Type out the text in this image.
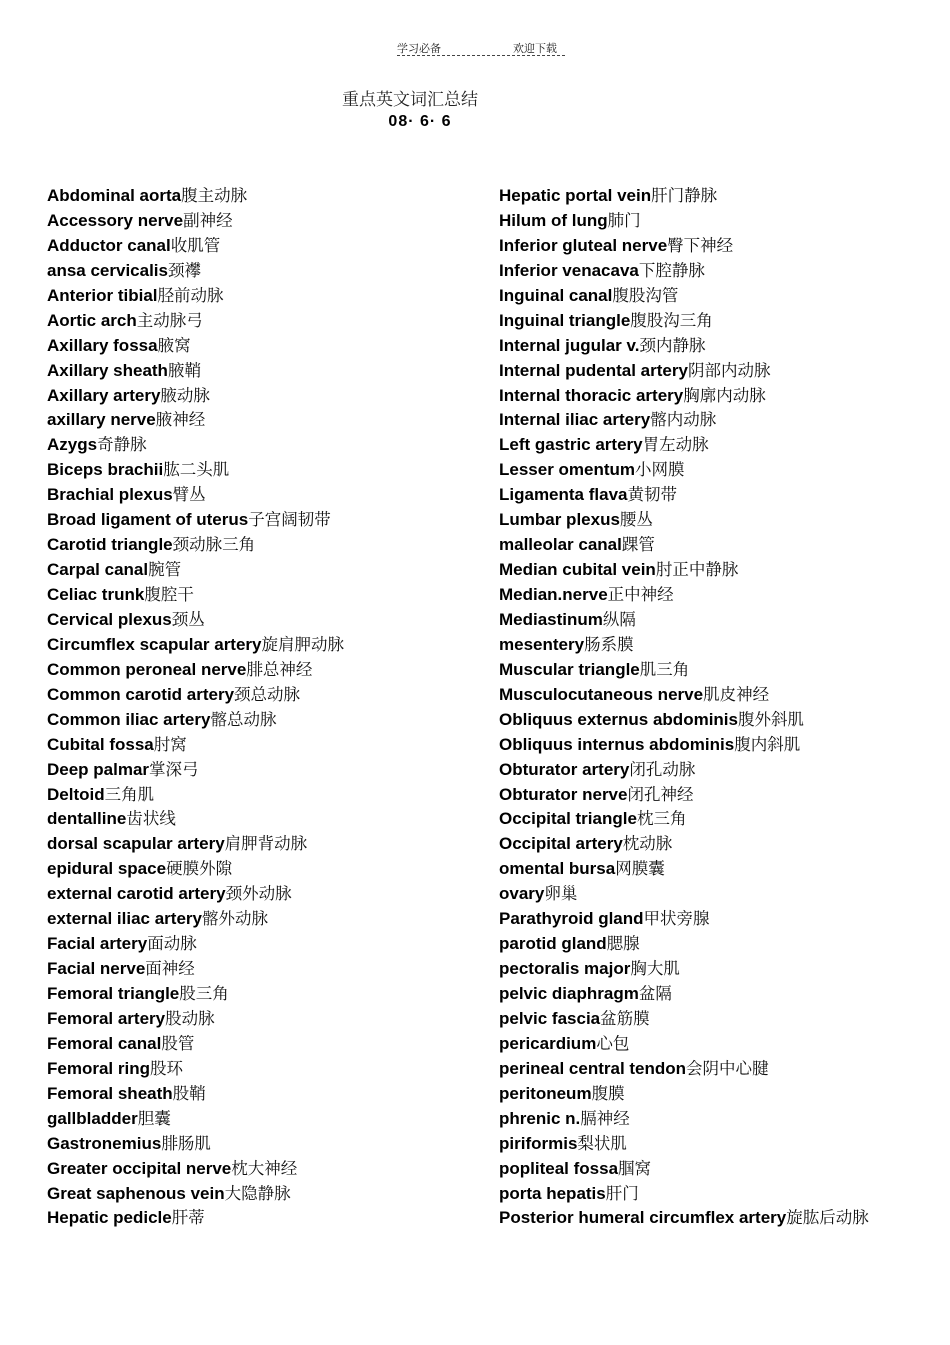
学习必备	欢迎下载
重点英文词汇总结
08· 6· 6
Abdominal aorta腹主动脉
Accessory nerve副神经
Adductor canal收肌管
ansa cervicalis颈襻
Anterior tibial胫前动脉
Aortic arch主动脉弓
Axillary fossa腋窝
Axillary sheath腋鞘
Axillary artery腋动脉
axillary nerve腋神经
Azygs奇静脉
Biceps brachii肱二头肌
Brachial plexus臂丛
Broad ligament of uterus子宫阔韧带
Carotid triangle颈动脉三角
Carpal canal腕管
Celiac trunk腹腔干
Cervical plexus颈丛
Circumflex scapular artery旋肩胛动脉
Common peroneal nerve腓总神经
Common carotid artery颈总动脉
Common iliac artery髂总动脉
Cubital fossa肘窝
Deep palmar掌深弓
Deltoid三角肌
dentalline齿状线
dorsal scapular artery肩胛背动脉
epidural space硬膜外隙
external carotid artery颈外动脉
external iliac artery髂外动脉
Facial artery面动脉
Facial nerve面神经
Femoral triangle股三角
Femoral artery股动脉
Femoral canal股管
Femoral ring股环
Femoral sheath股鞘
gallbladder胆囊
Gastronemius腓肠肌
Greater occipital nerve枕大神经
Great saphenous vein大隐静脉
Hepatic pedicle肝蒂
Hepatic portal vein肝门静脉
Hilum of lung肺门
Inferior gluteal nerve臀下神经
Inferior venacava下腔静脉
Inguinal canal腹股沟管
Inguinal triangle腹股沟三角
Internal jugular v.颈内静脉
Internal pudental artery阴部内动脉
Internal thoracic artery胸廓内动脉
Internal iliac artery髂内动脉
Left gastric artery胃左动脉
Lesser omentum小网膜
Ligamenta flava黄韧带
Lumbar plexus腰丛
malleolar canal踝管
Median cubital vein肘正中静脉
Median.nerve正中神经
Mediastinum纵隔
mesentery肠系膜
Muscular triangle肌三角
Musculocutaneous nerve肌皮神经
Obliquus externus abdominis腹外斜肌
Obliquus internus abdominis腹内斜肌
Obturator artery闭孔动脉
Obturator nerve闭孔神经
Occipital triangle枕三角
Occipital artery枕动脉
omental bursa网膜囊
ovary卵巢
Parathyroid gland甲状旁腺
parotid gland腮腺
pectoralis major胸大肌
pelvic diaphragm盆隔
pelvic fascia盆筋膜
pericardium心包
perineal central tendon会阴中心腱
peritoneum腹膜
phrenic n.膈神经
piriformis梨状肌
popliteal fossa腘窝
porta hepatis肝门
Posterior humeral circumflex artery旋肱后动脉
